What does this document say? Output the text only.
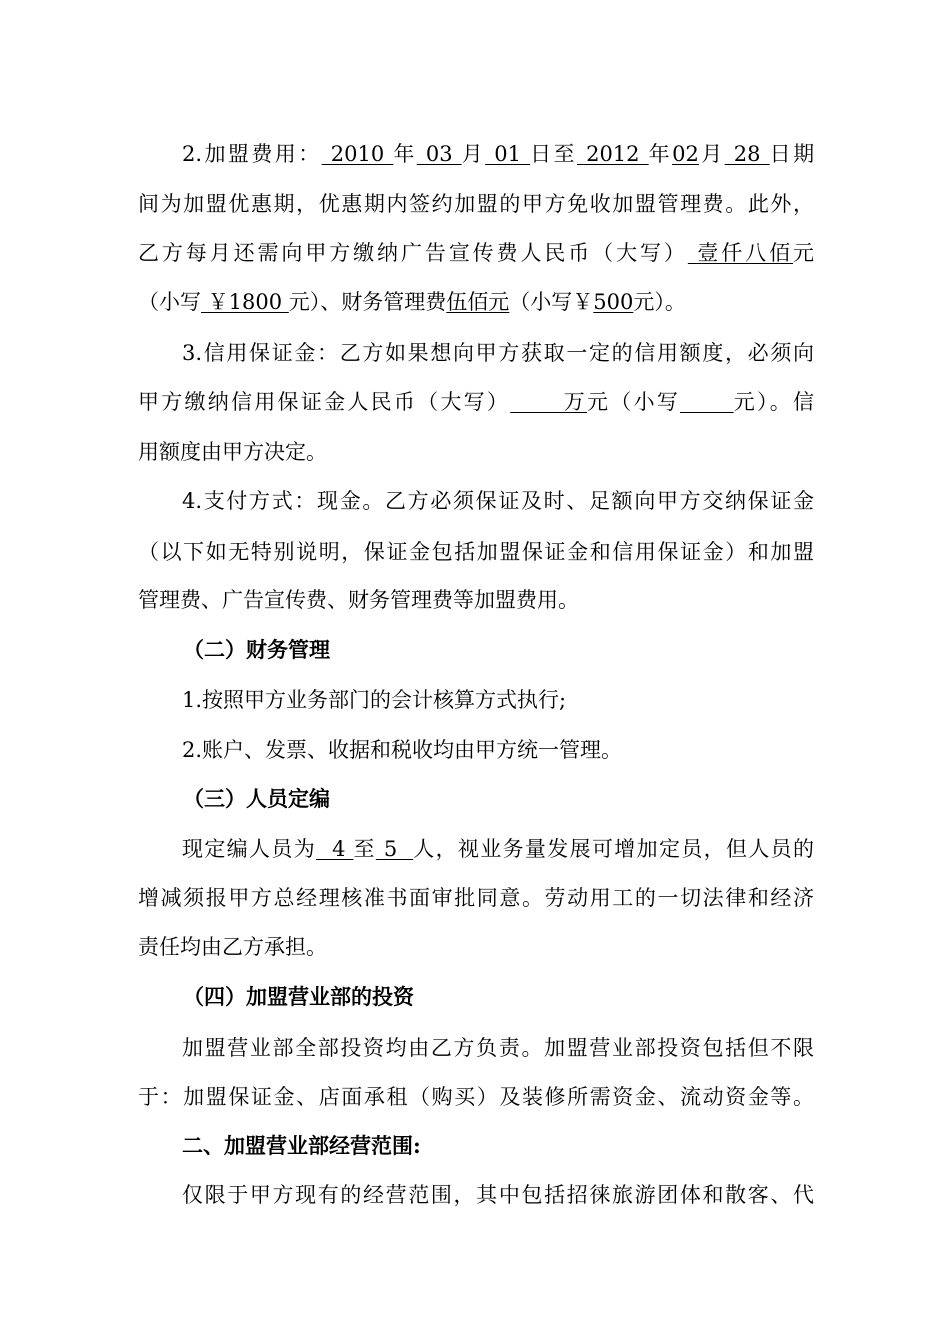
2.加盟费用： 2010 年 03 月 01 日至 2012 年02月 28 日期
间为加盟优惠期，优惠期内签约加盟的甲方免收加盟管理费。此外，
乙方每月还需向甲方缴纳广告宣传费人民币（大写） 壹仟八佰元
（小写 ￥1800 元）、财务管理费伍佰元（小写￥500元）。
3.信用保证金：乙方如果想向甲方获取一定的信用额度，必须向
甲方缴纳信用保证金人民币（大写）      万元（小写	元）。信
用额度由甲方决定。
4.支付方式：现金。乙方必须保证及时、足额向甲方交纳保证金
（以下如无特别说明，保证金包括加盟保证金和信用保证金）和加盟
管理费、广告宣传费、财务管理费等加盟费用。
（二）财务管理
1.按照甲方业务部门的会计核算方式执行;
2.账户、发票、收据和税收均由甲方统一管理。
（三）人员定编
现定编人员为  4 至 5  人，视业务量发展可增加定员，但人员的
增减须报甲方总经理核准书面审批同意。劳动用工的一切法律和经济
责任均由乙方承担。
（四）加盟营业部的投资
加盟营业部全部投资均由乙方负责。加盟营业部投资包括但不限
于：加盟保证金、店面承租（购买）及装修所需资金、流动资金等。
二、加盟营业部经营范围:
仅限于甲方现有的经营范围，其中包括招徕旅游团体和散客、代
